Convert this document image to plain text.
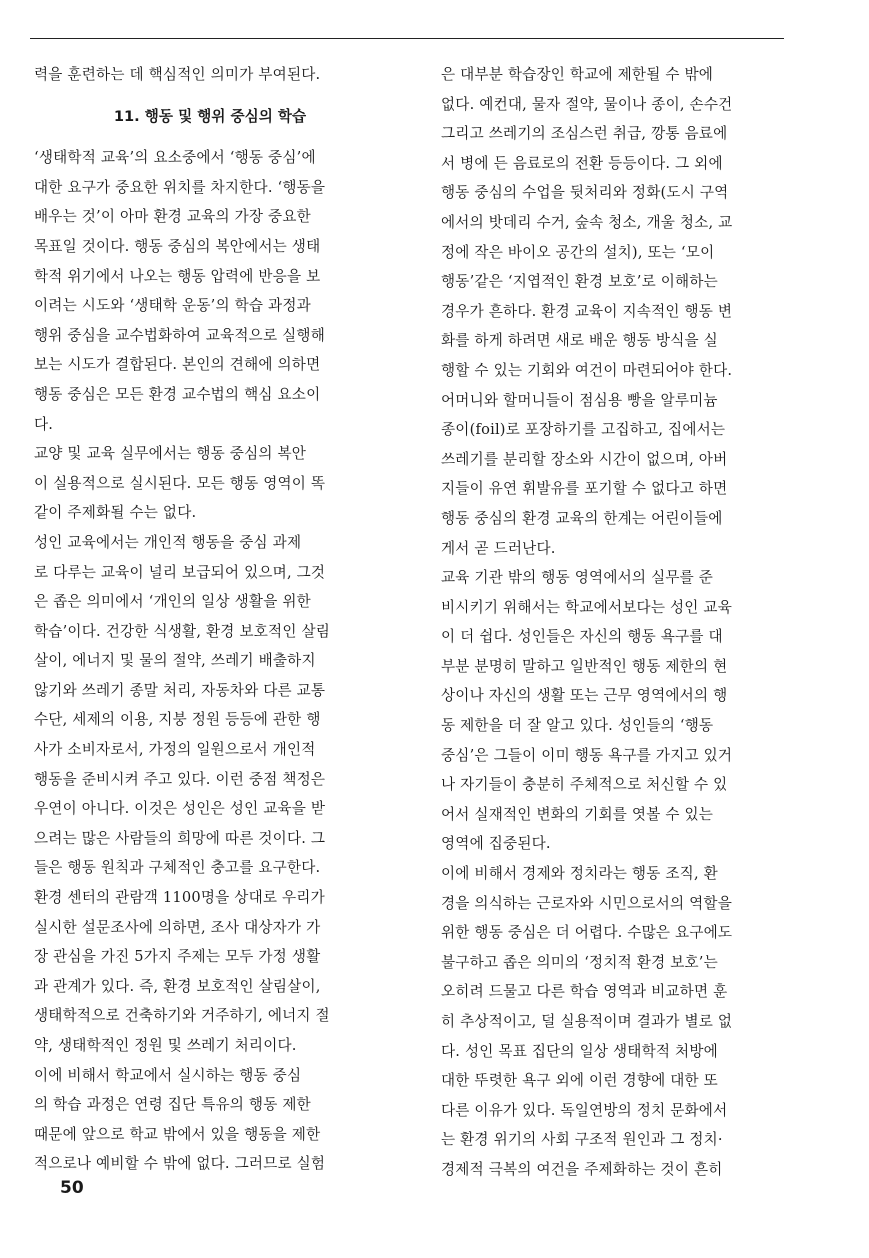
력을 훈련하는 데 핵심적인 의미가 부여된다.
11. 행동 및 행위 중심의 학습
‘생태학적 교육’의 요소중에서 ‘행동 중심’에
대한 요구가 중요한 위치를 차지한다. ‘행동을
배우는 것’이 아마 환경 교육의 가장 중요한
목표일 것이다. 행동 중심의 복안에서는 생태
학적 위기에서 나오는 행동 압력에 반응을 보
이려는 시도와 ‘생태학 운동’의 학습 과정과
행위 중심을 교수법화하여 교육적으로 실행해
보는 시도가 결합된다. 본인의 견해에 의하면
행동 중심은 모든 환경 교수법의 핵심 요소이
다.
교양 및 교육 실무에서는 행동 중심의 복안
이 실용적으로 실시된다. 모든 행동 영역이 똑
같이 주제화될 수는 없다.
성인 교육에서는 개인적 행동을 중심 과제
로 다루는 교육이 널리 보급되어 있으며, 그것
은 좁은 의미에서 ‘개인의 일상 생활을 위한
학습’이다. 건강한 식생활, 환경 보호적인 살림
살이, 에너지 및 물의 절약, 쓰레기 배출하지
않기와 쓰레기 종말 처리, 자동차와 다른 교통
수단, 세제의 이용, 지붕 정원 등등에 관한 행
사가 소비자로서, 가정의 일원으로서 개인적
행동을 준비시켜 주고 있다. 이런 중점 책정은
우연이 아니다. 이것은 성인은 성인 교육을 받
으려는 많은 사람들의 희망에 따른 것이다. 그
들은 행동 원칙과 구체적인 충고를 요구한다.
환경 센터의 관람객 1100명을 상대로 우리가
실시한 설문조사에 의하면, 조사 대상자가 가
장 관심을 가진 5가지 주제는 모두 가정 생활
과 관계가 있다. 즉, 환경 보호적인 살림살이,
생태학적으로 건축하기와 거주하기, 에너지 절
약, 생태학적인 정원 및 쓰레기 처리이다.
이에 비해서 학교에서 실시하는 행동 중심
의 학습 과정은 연령 집단 특유의 행동 제한
때문에 앞으로 학교 밖에서 있을 행동을 제한
적으로나 예비할 수 밖에 없다. 그러므로 실험
은 대부분 학습장인 학교에 제한될 수 밖에
없다. 예컨대, 물자 절약, 물이나 종이, 손수건
그리고 쓰레기의 조심스런 취급, 깡통 음료에
서 병에 든 음료로의 전환 등등이다. 그 외에
행동 중심의 수업을 뒷처리와 정화(도시 구역
에서의 밧데리 수거, 숲속 청소, 개울 청소, 교
정에 작은 바이오 공간의 설치), 또는 ‘모이
행동’같은 ‘지엽적인 환경 보호’로 이해하는
경우가 흔하다. 환경 교육이 지속적인 행동 변
화를 하게 하려면 새로 배운 행동 방식을 실
행할 수 있는 기회와 여건이 마련되어야 한다.
어머니와 할머니들이 점심용 빵을 알루미늄
종이(foil)로 포장하기를 고집하고, 집에서는
쓰레기를 분리할 장소와 시간이 없으며, 아버
지들이 유연 휘발유를 포기할 수 없다고 하면
행동 중심의 환경 교육의 한계는 어린이들에
게서 곧 드러난다.
교육 기관 밖의 행동 영역에서의 실무를 준
비시키기 위해서는 학교에서보다는 성인 교육
이 더 쉽다. 성인들은 자신의 행동 욕구를 대
부분 분명히 말하고 일반적인 행동 제한의 현
상이나 자신의 생활 또는 근무 영역에서의 행
동 제한을 더 잘 알고 있다. 성인들의 ‘행동
중심’은 그들이 이미 행동 욕구를 가지고 있거
나 자기들이 충분히 주체적으로 처신할 수 있
어서 실재적인 변화의 기회를 엿볼 수 있는
영역에 집중된다.
이에 비해서 경제와 정치라는 행동 조직, 환
경을 의식하는 근로자와 시민으로서의 역할을
위한 행동 중심은 더 어렵다. 수많은 요구에도
불구하고 좁은 의미의 ‘정치적 환경 보호’는
오히려 드물고 다른 학습 영역과 비교하면 훈
히 추상적이고, 덜 실용적이며 결과가 별로 없
다. 성인 목표 집단의 일상 생태학적 처방에
대한 뚜렷한 욕구 외에 이런 경향에 대한 또
다른 이유가 있다. 독일연방의 정치 문화에서
는 환경 위기의 사회 구조적 원인과 그 정치·
경제적 극복의 여건을 주제화하는 것이 흔히
50
